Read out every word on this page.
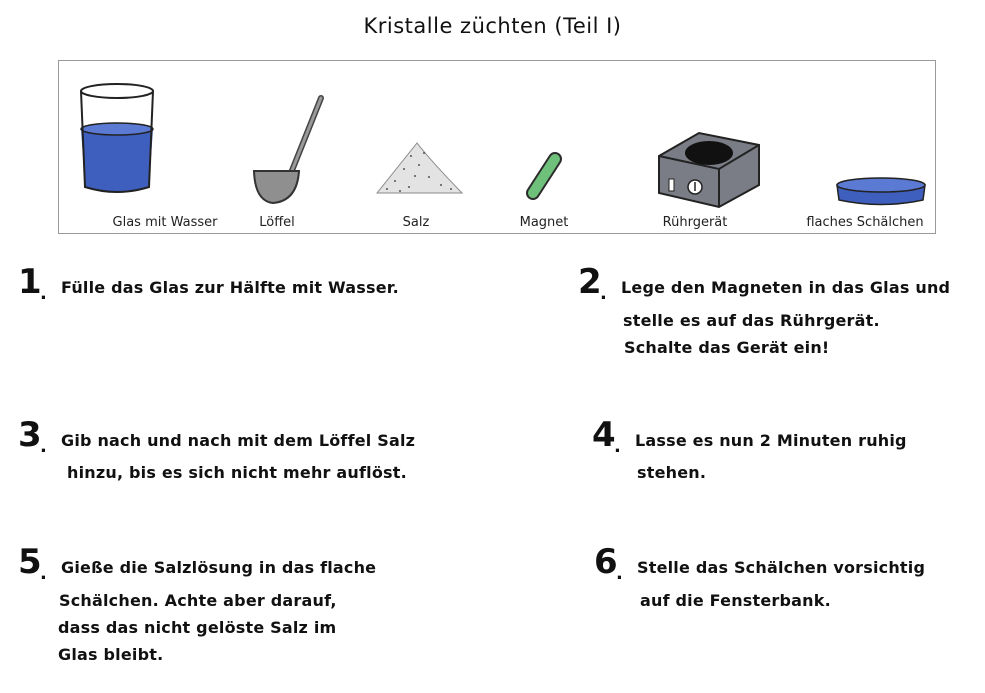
Kristalle züchten (Teil I)
Glas mit Wasser	Löffel	Salz	Magnet	Rührgerät	flaches Schälchen
1
. Fülle das Glas zur Hälfte mit Wasser.	2
. Lege den Magneten in das Glas und
stelle es auf das Rührgerät.
Schalte das Gerät ein!
3
. Gib nach und nach mit dem Löffel Salz
hinzu, bis es sich nicht mehr auflöst.
4
. Lasse es nun 2 Minuten ruhig
stehen.
5
. Gieße die Salzlösung in das flache
Schälchen. Achte aber darauf,
dass das nicht gelöste Salz im
Glas bleibt.
6
. Stelle das Schälchen vorsichtig
auf die Fensterbank.
